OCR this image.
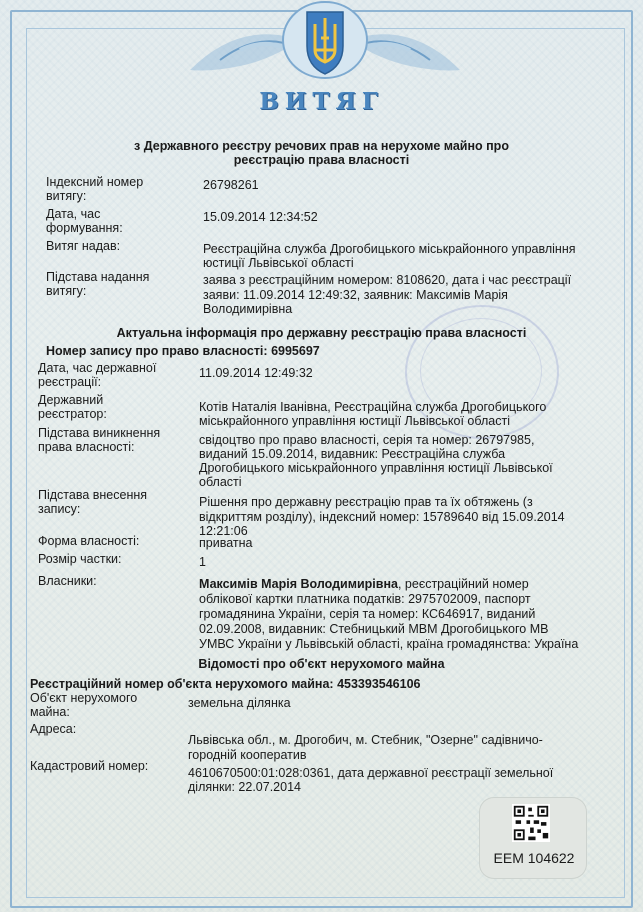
ВИТЯГ
з Державного реєстру речових прав на нерухоме майно про
реєстрацію права власності
Індексний номер
витягу:
26798261
Дата, час
формування:
15.09.2014 12:34:52
Витяг надав:	Реєстраційна служба Дрогобицького міськрайонного управління
юстиції Львівської області
Підстава надання
витягу:
заява з реєстраційним номером: 8108620, дата і час реєстрації
заяви: 11.09.2014 12:49:32, заявник: Максимів Марія
Володимирівна
Актуальна інформація про державну реєстрацію права власності
Номер запису про право власності: 6995697
Дата, час державної
реєстрації:
11.09.2014 12:49:32
Державний
реєстратор:	Котів Наталія Іванівна, Реєстраційна служба Дрогобицького
міськрайонного управління юстиції Львівської області
Підстава виникнення
права власності:	свідоцтво про право власності, серія та номер: 26797985,
виданий 15.09.2014, видавник: Реєстраційна служба
Дрогобицького міськрайонного управління юстиції Львівської
області
Підстава внесення
запису:	Рішення про державну реєстрацію прав та їх обтяжень (з
відкриттям розділу), індексний номер: 15789640 від 15.09.2014
12:21:06
Форма власності:	приватна
Розмір частки:	1
Власники:	Максимів Марія Володимирівна, реєстраційний номер
облікової картки платника податків: 2975702009, паспорт
громадянина України, серія та номер: КС646917, виданий
02.09.2008, видавник: Стебницький МВМ Дрогобицького МВ
УМВС України у Львівській області, країна громадянства: Україна
Відомості про об'єкт нерухомого майна
Реєстраційний номер об'єкта нерухомого майна: 453393546106
Об'єкт нерухомого
майна:
земельна ділянка
Адреса:
Львівська обл., м. Дрогобич, м. Стебник, "Озерне" садівничо-
городній кооператив
Кадастровий номер:	4610670500:01:028:0361, дата державної реєстрації земельної
ділянки: 22.07.2014
ЕЕМ 104622
